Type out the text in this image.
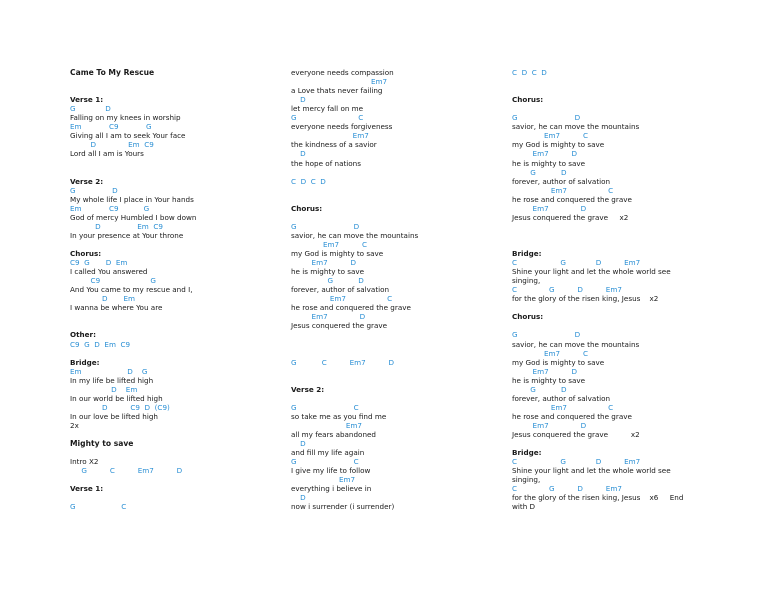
Came To My Rescue
Verse 1:
G             D
Falling on my knees in worship
Em            C9            G
Giving all I am to seek Your face
D              Em  C9
Lord all I am is Yours
Verse 2:
G                D
My whole life I place in Your hands
Em            C9           G
God of mercy Humbled I bow down
D                Em  C9
In your presence at Your throne
Chorus:
C9  G       D  Em
I called You answered
C9                      G
And You came to my rescue and I,
D       Em
I wanna be where You are
Other:
C9  G  D  Em  C9
Bridge:
Em                    D    G
In my life be lifted high
D    Em
In our world be lifted high
D          C9  D  (C9)
In our love be lifted high
2x
Mighty to save
Intro X2
G          C          Em7          D
Verse 1:
G                    C
everyone needs compassion
Em7
a Love thats never failing
D
let mercy fall on me
G                           C
everyone needs forgiveness
Em7
the kindness of a savior
D
the hope of nations
C  D  C  D
Chorus:
G                         D
savior, he can move the mountains
Em7          C
my God is mighty to save
Em7          D
he is mighty to save
G           D
forever, author of salvation
Em7                  C
he rose and conquered the grave
Em7              D
Jesus conquered the grave
G           C          Em7          D
Verse 2:
G                         C
so take me as you find me
Em7
all my fears abandoned
D
and fill my life again
G                         C
I give my life to follow
Em7
everything i believe in
D
now i surrender (i surrender)
C  D  C  D
Chorus:
G                         D
savior, he can move the mountains
Em7          C
my God is mighty to save
Em7          D
he is mighty to save
G           D
forever, author of salvation
Em7                  C
he rose and conquered the grave
Em7              D
Jesus conquered the grave     x2
Bridge:
C                   G             D          Em7
Shine your light and let the whole world see
singing,
C              G          D          Em7
for the glory of the risen king, Jesus    x2
Chorus:
G                         D
savior, he can move the mountains
Em7          C
my God is mighty to save
Em7          D
he is mighty to save
G           D
forever, author of salvation
Em7                  C
he rose and conquered the grave
Em7              D
Jesus conquered the grave          x2
Bridge:
C                   G             D          Em7
Shine your light and let the whole world see
singing,
C              G          D          Em7
for the glory of the risen king, Jesus    x6     End
with D
